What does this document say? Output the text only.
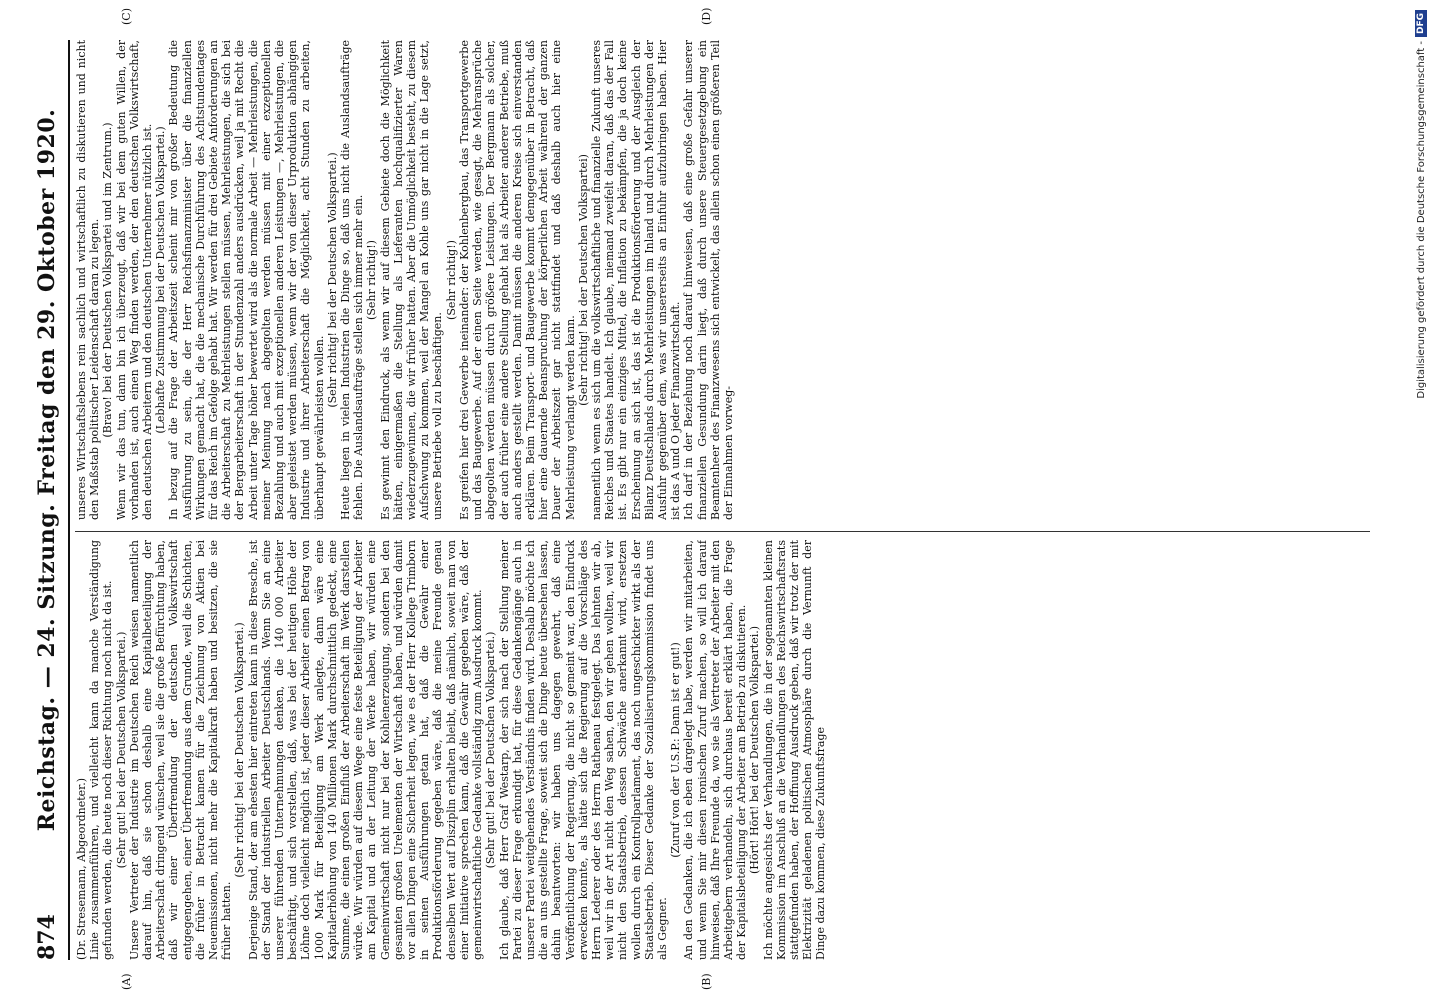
874
Reichstag. — 24. Sitzung. Freitag den 29. Oktober 1920.
(A)	(B)
(C)	(D)

(Dr. Stresemann, Abgeordneter.) Linie zusammenführen, und vielleicht kann da manche Verständigung gefunden werden, die heute noch dieser Richtung noch nicht da ist. (Sehr gut! bei der Deutschen Volkspartei.) Unsere Vertreter der Industrie im Deutschen Reich weisen namentlich darauf hin, daß sie schon deshalb eine Kapitalbeteiligung der Arbeiterschaft dringend wünschen, weil sie die große Befürchtung haben, daß wir einer Überfremdung der deutschen Volkswirtschaft entgegengehen, einer Überfremdung aus dem Grunde, weil die Schichten, die früher in Betracht kamen für die Zeichnung von Aktien bei Neuemissionen, nicht mehr die Kapitalkraft haben und besitzen, die sie früher hatten.

(Sehr richtig! bei der Deutschen Volkspartei.) Derjenige Stand, der am ehesten hier eintreten kann in diese Bresche, ist der Stand der industriellen Arbeiter Deutschlands. Wenn Sie an eine unserer führenden Unternehmungen denken, die 140 000 Arbeiter beschäftigt, und sich vorstellen, daß, was bei der heutigen Höhe der Löhne doch vielleicht möglich ist, jeder dieser Arbeiter einen Betrag von 1000 Mark für Beteiligung am Werk anlegte, dann wäre eine Kapitalerhöhung von 140 Millionen Mark durchschnittlich gedeckt, eine Summe, die einen großen Einfluß der Arbeiterschaft im Werk darstellen würde. Wir würden auf diesem Wege eine feste Beteiligung der Arbeiter am Kapital und an der Leitung der Werke haben, wir würden eine Gemeinwirtschaft nicht nur bei der Kohlenerzeugung, sondern bei den gesamten großen Urelementen der Wirtschaft haben, und würden damit vor allen Dingen eine Sicherheit legen, wie es der Herr Kollege Trimborn in seinen Ausführungen getan hat, daß die Gewähr einer Produktionsförderung gegeben wäre, daß die meine Freunde genau denselben Wert auf Disziplin erhalten bleibt, daß nämlich, soweit man von einer Initiative sprechen kann, daß die Gewähr gegeben wäre, daß der gemeinwirtschaftliche Gedanke vollständig zum Ausdruck kommt. (Sehr gut! bei der Deutschen Volkspartei.) Ich glaube, daß Herr Graf Westarp, der sich nach der Stellung meiner Partei zu dieser Frage erkundigt hat, für diese Gedankengänge auch in unserer Partei weitgehendes Verständnis finden wird. Deshalb möchte ich die an uns gestellte Frage, soweit sich die Dinge heute übersehen lassen, dahin beantworten: wir haben uns dagegen gewehrt, daß eine Veröffentlichung der Regierung, die nicht so gemeint war, den Eindruck erwecken konnte, als hätte sich die Regierung auf die Vorschläge des Herrn Lederer oder des Herrn Rathenau festgelegt. Das lehnten wir ab, weil wir in der Art nicht den Weg sahen, den wir gehen wollten, weil wir nicht den Staatsbetrieb, dessen Schwäche anerkannt wird, ersetzen wollen durch ein Kontrollparlament, das noch ungeschickter wirkt als der Staatsbetrieb. Dieser Gedanke der Sozialisierungskommission findet uns als Gegner.

(Zuruf von der U.S.P.: Dann ist er gut!) An den Gedanken, die ich eben dargelegt habe, werden wir mitarbeiten, und wenn Sie mir diesen ironischen Zuruf machen, so will ich darauf hinweisen, daß Ihre Freunde da, wo sie als Vertreter der Arbeiter mit den Arbeitgebern verhandeln, sich durchaus bereit erklärt haben, die Frage der Kapitalsbeteiligung der Arbeiter am Betrieb zu diskutieren. (Hört! Hört! bei der Deutschen Volkspartei.) Ich möchte angesichts der Verhandlungen, die in der sogenannten kleinen Kommission im Anschluß an die Verhandlungen des Reichswirtschaftsrats stattgefunden haben, der Hoffnung Ausdruck geben, daß wir trotz der mit Elektrizität geladenen politischen Atmosphäre durch die Vernunft der Dinge dazu kommen, diese Zukunftsfrage

unseres Wirtschaftslebens rein sachlich und wirtschaftlich zu diskutieren und nicht den Maßstab politischer Leidenschaft daran zu legen. (Bravo! bei der Deutschen Volkspartei und im Zentrum.) Wenn wir das tun, dann bin ich überzeugt, daß wir bei dem guten Willen, der vorhanden ist, auch einen Weg finden werden, der den deutschen Volkswirtschaft, den deutschen Arbeitern und den deutschen Unternehmer nützlich ist. (Lebhafte Zustimmung bei der Deutschen Volkspartei.) In bezug auf die Frage der Arbeitszeit scheint mir von großer Bedeutung die Ausführung zu sein, die der Herr Reichsfinanzminister über die finanziellen Wirkungen gemacht hat, die die mechanische Durchführung des Achtstundentages für das Reich im Gefolge gehabt hat. Wir werden für drei Gebiete Anforderungen an die Arbeiterschaft zu Mehrleistungen stellen müssen, Mehrleistungen, die sich bei der Bergarbeiterschaft in der Stundenzahl anders ausdrücken, weil ja mit Recht die Arbeit unter Tage höher bewertet wird als die normale Arbeit — Mehrleistungen, die meiner Meinung nach abgegolten werden müssen mit einer exzeptionellen Bezahlung und auch mit exzeptionellen anderen Leistungen —, Mehrleistungen, die aber geleistet werden müssen, wenn wir der von dieser Urproduktion abhängigen Industrie und ihrer Arbeiterschaft die Möglichkeit, acht Stunden zu arbeiten, überhaupt gewährleisten wollen.

(Sehr richtig! bei der Deutschen Volkspartei.) Heute liegen in vielen Industrien die Dinge so, daß uns nicht die Auslandsaufträge fehlen. Die Auslandsaufträge stellen sich immer mehr ein. (Sehr richtig!) Es gewinnt den Eindruck, als wenn wir auf diesem Gebiete doch die Möglichkeit hätten, einigermaßen die Stellung als Lieferanten hochqualifizierter Waren wiederzugewinnen, die wir früher hatten. Aber die Unmöglichkeit besteht, zu diesem Aufschwung zu kommen, weil der Mangel an Kohle uns gar nicht in die Lage setzt, unsere Betriebe voll zu beschäftigen.

(Sehr richtig!) Es greifen hier drei Gewerbe ineinander: der Kohlenbergbau, das Transportgewerbe und das Baugewerbe. Auf der einen Seite werden, wie gesagt, die Mehransprüche abgegolten werden müssen durch größere Leistungen. Der Bergmann als solcher, der auch früher eine andere Stellung gehabt hat als Arbeiter anderer Betriebe, muß auch anders gestellt werden. Damit müssen die anderen Kreise sich einverstanden erklären. Beim Transport- und Baugewerbe kommt demgegenüber in Betracht, daß hier eine dauernde Beanspruchung der körperlichen Arbeit während der ganzen Dauer der Arbeitszeit gar nicht stattfindet und daß deshalb auch hier eine Mehrleistung verlangt werden kann.

(Sehr richtig! bei der Deutschen Volkspartei) namentlich wenn es sich um die volkswirtschaftliche und finanzielle Zukunft unseres Reiches und Staates handelt. Ich glaube, niemand zweifelt daran, daß das der Fall ist. Es gibt nur ein einziges Mittel, die Inflation zu bekämpfen, die ja doch keine Erscheinung an sich ist, das ist die Produktionsförderung und der Ausgleich der Bilanz Deutschlands durch Mehrleistungen im Inland und durch Mehrleistungen der Ausfuhr gegenüber dem, was wir unsererseits an Einfuhr aufzubringen haben. Hier ist das A und O jeder Finanzwirtschaft. Ich darf in der Beziehung noch darauf hinweisen, daß eine große Gefahr unserer finanziellen Gesundung darin liegt, daß durch unsere Steuergesetzgebung ein Beamtenheer des Finanzwesens sich entwickelt, das allein schon einen größeren Teil der Einnahmen vorweg-

Digitalisierung gefördert durch die Deutsche Forschungsgemeinschaft -
DFG
